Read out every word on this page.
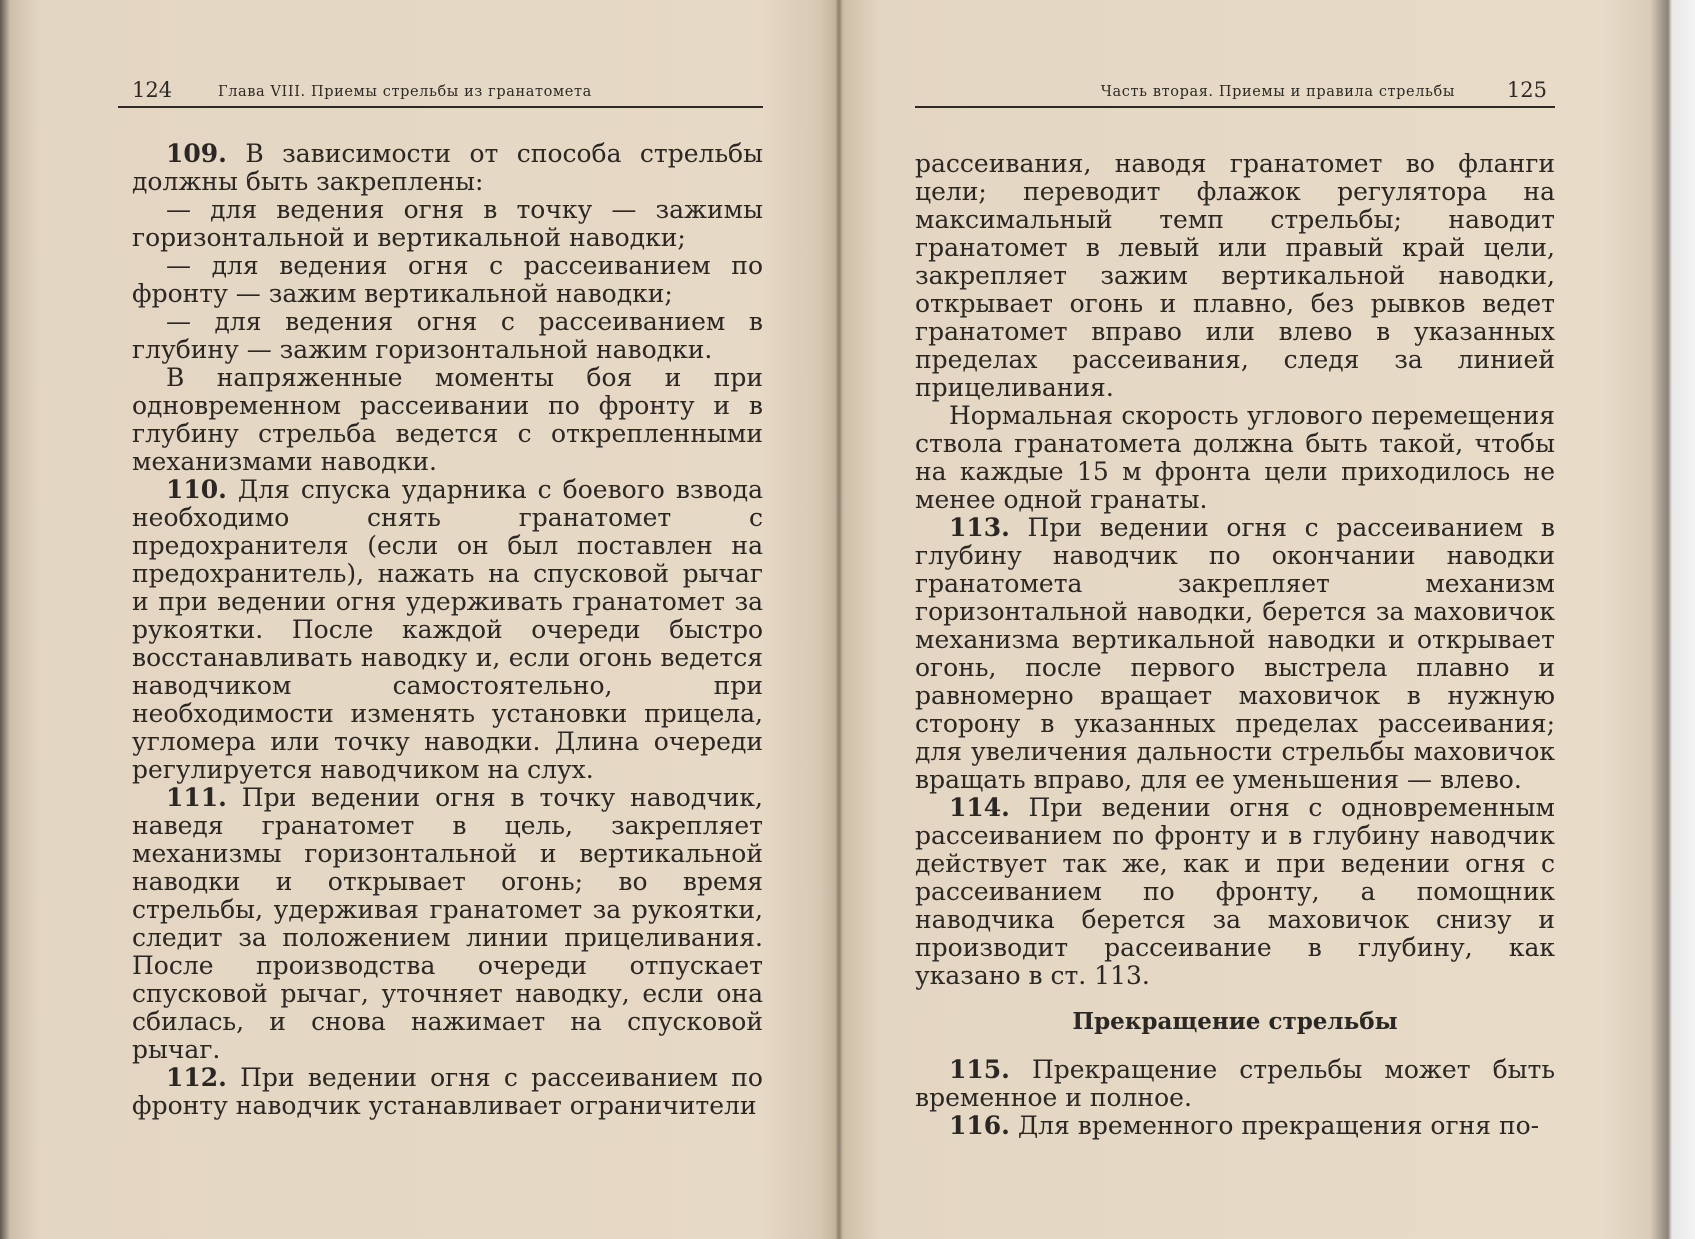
124	Глава VIII. Приемы стрельбы из гранатомета

109. В зависимости от способа стрельбы должны быть закреплены:

— для ведения огня в точку — зажимы горизонтальной и вертикальной наводки;

— для ведения огня с рассеиванием по фронту — зажим вертикальной наводки;

— для ведения огня с рассеиванием в глубину — зажим горизонтальной наводки.

В напряженные моменты боя и при одновременном рассеивании по фронту и в глубину стрельба ведется с открепленными механизмами наводки.

110. Для спуска ударника с боевого взвода необходимо снять гранатомет с предохранителя (если он был поставлен на предохранитель), нажать на спусковой рычаг и при ведении огня удерживать гранатомет за рукоятки. После каждой очереди быстро восстанавливать наводку и, если огонь ведется наводчиком самостоятельно, при необходимости изменять установки прицела, угломера или точку наводки. Длина очереди регулируется наводчиком на слух.

111. При ведении огня в точку наводчик, наведя гранатомет в цель, закрепляет механизмы горизонтальной и вертикальной наводки и открывает огонь; во время стрельбы, удерживая гранатомет за рукоятки, следит за положением линии прицеливания. После производства очереди отпускает спусковой рычаг, уточняет наводку, если она сбилась, и снова нажимает на спусковой рычаг.

112. При ведении огня с рассеиванием по фронту наводчик устанавливает ограничители

Часть вторая. Приемы и правила стрельбы 125

рассеивания, наводя гранатомет во фланги цели; переводит флажок регулятора на максимальный темп стрельбы; наводит гранатомет в левый или правый край цели, закрепляет зажим вертикальной наводки, открывает огонь и плавно, без рывков ведет гранатомет вправо или влево в указанных пределах рассеивания, следя за линией прицеливания.

Нормальная скорость углового перемещения ствола гранатомета должна быть такой, чтобы на каждые 15 м фронта цели приходилось не менее одной гранаты.

113. При ведении огня с рассеиванием в глубину наводчик по окончании наводки гранатомета закрепляет механизм горизонтальной наводки, берется за маховичок механизма вертикальной наводки и открывает огонь, после первого выстрела плавно и равномерно вращает маховичок в нужную сторону в указанных пределах рассеивания; для увеличения дальности стрельбы маховичок вращать вправо, для ее уменьшения — влево.

114. При ведении огня с одновременным рассеиванием по фронту и в глубину наводчик действует так же, как и при ведении огня с рассеиванием по фронту, а помощник наводчика берется за маховичок снизу и производит рассеивание в глубину, как указано в ст. 113.

Прекращение стрельбы

115. Прекращение стрельбы может быть временное и полное.

116. Для временного прекращения огня по-
